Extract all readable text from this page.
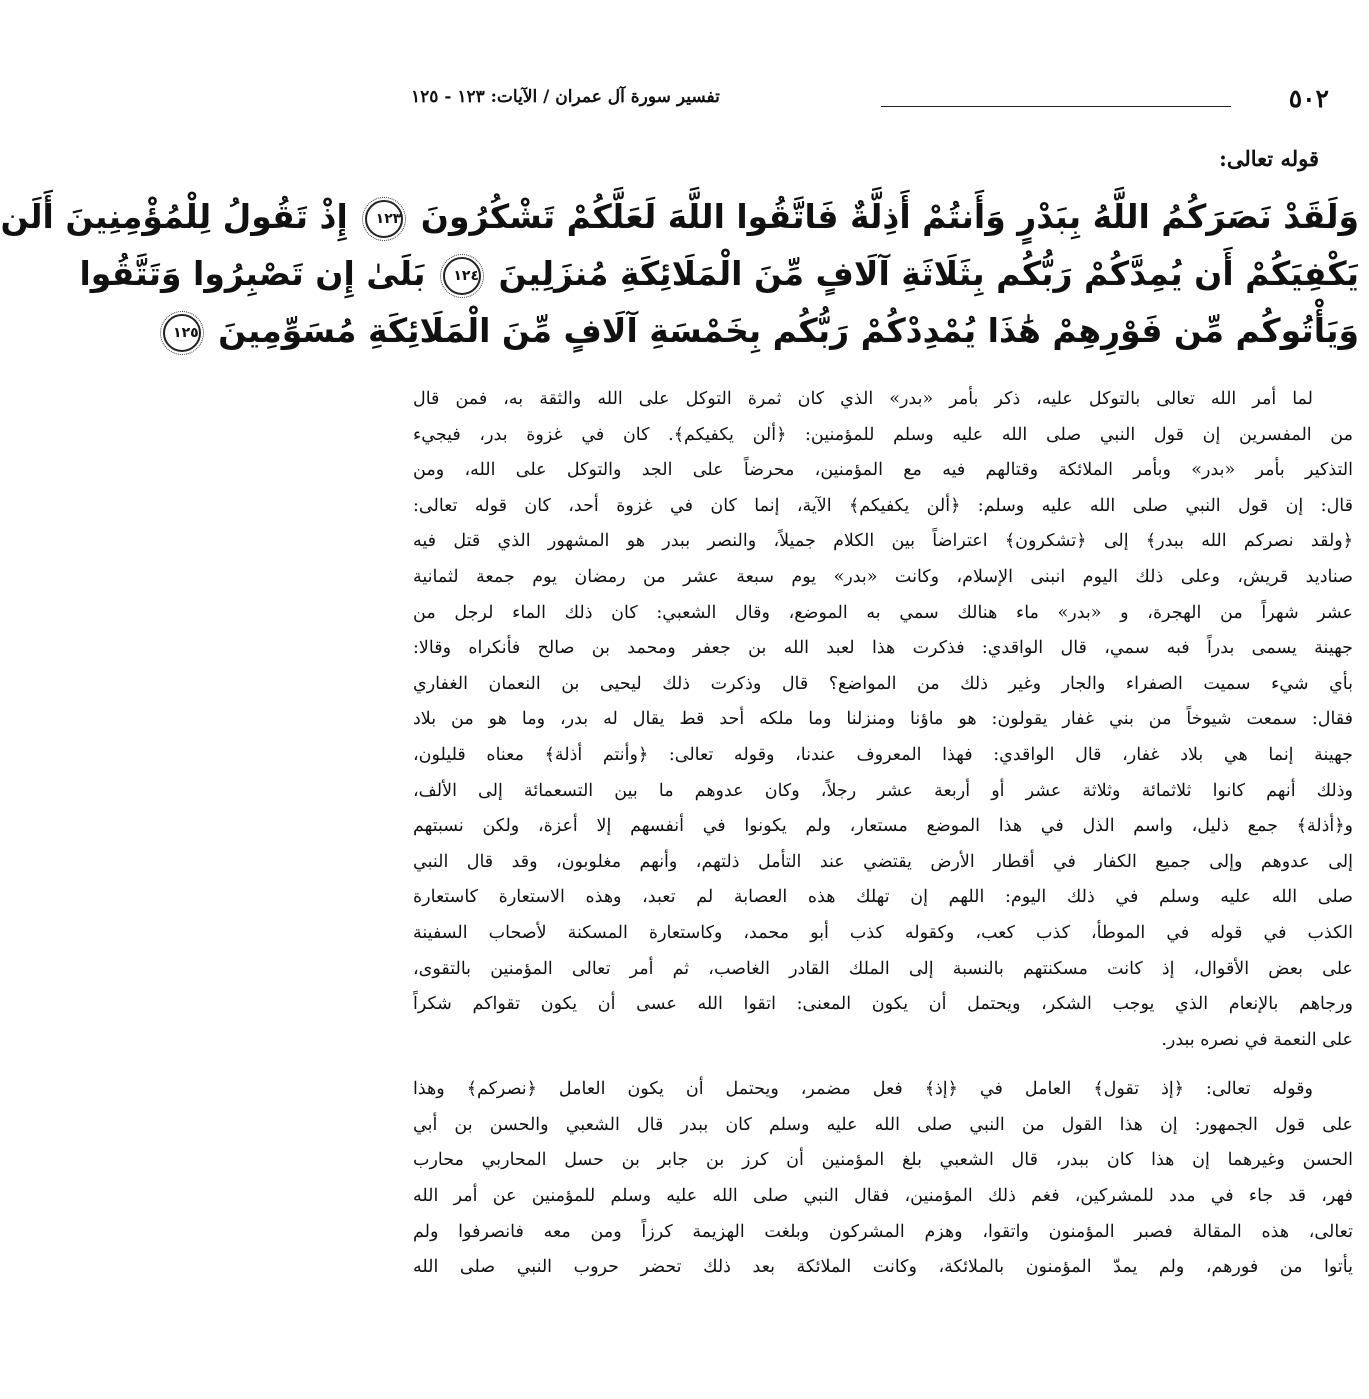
٥٠٢
تفسير سورة آل عمران / الآيات: ١٢٣ - ١٢٥
قوله تعالى:
وَلَقَدْ نَصَرَكُمُ اللَّهُ بِبَدْرٍ وَأَنتُمْ أَذِلَّةٌ فَاتَّقُوا اللَّهَ لَعَلَّكُمْ تَشْكُرُونَ ١٢٣ إِذْ تَقُولُ لِلْمُؤْمِنِينَ أَلَن
يَكْفِيَكُمْ أَن يُمِدَّكُمْ رَبُّكُم بِثَلَاثَةِ آلَافٍ مِّنَ الْمَلَائِكَةِ مُنزَلِينَ ١٢٤ بَلَىٰ إِن تَصْبِرُوا وَتَتَّقُوا
وَيَأْتُوكُم مِّن فَوْرِهِمْ هَٰذَا يُمْدِدْكُمْ رَبُّكُم بِخَمْسَةِ آلَافٍ مِّنَ الْمَلَائِكَةِ مُسَوِّمِينَ ١٢٥
لما أمر الله تعالى بالتوكل عليه، ذكر بأمر «بدر» الذي كان ثمرة التوكل على الله والثقة به، فمن قال
من المفسرين إن قول النبي صلى الله عليه وسلم للمؤمنين: ﴿ألن يكفيكم﴾. كان في غزوة بدر، فيجيء
التذكير بأمر «بدر» وبأمر الملائكة وقتالهم فيه مع المؤمنين، محرضاً على الجد والتوكل على الله، ومن
قال: إن قول النبي صلى الله عليه وسلم: ﴿ألن يكفيكم﴾ الآية، إنما كان في غزوة أحد، كان قوله تعالى:
﴿ولقد نصركم الله ببدر﴾ إلى ﴿تشكرون﴾ اعتراضاً بين الكلام جميلاً، والنصر ببدر هو المشهور الذي قتل فيه
صناديد قريش، وعلى ذلك اليوم انبنى الإسلام، وكانت «بدر» يوم سبعة عشر من رمضان يوم جمعة لثمانية
عشر شهراً من الهجرة، و «بدر» ماء هنالك سمي به الموضع، وقال الشعبي: كان ذلك الماء لرجل من
جهينة يسمى بدراً فبه سمي، قال الواقدي: فذكرت هذا لعبد الله بن جعفر ومحمد بن صالح فأنكراه وقالا:
بأي شيء سميت الصفراء والجار وغير ذلك من المواضع؟ قال وذكرت ذلك ليحيى بن النعمان الغفاري
فقال: سمعت شيوخاً من بني غفار يقولون: هو ماؤنا ومنزلنا وما ملكه أحد قط يقال له بدر، وما هو من بلاد
جهينة إنما هي بلاد غفار، قال الواقدي: فهذا المعروف عندنا، وقوله تعالى: ﴿وأنتم أذلة﴾ معناه قليلون،
وذلك أنهم كانوا ثلاثمائة وثلاثة عشر أو أربعة عشر رجلاً، وكان عدوهم ما بين التسعمائة إلى الألف،
و﴿أذلة﴾ جمع ذليل، واسم الذل في هذا الموضع مستعار، ولم يكونوا في أنفسهم إلا أعزة، ولكن نسبتهم
إلى عدوهم وإلى جميع الكفار في أقطار الأرض يقتضي عند التأمل ذلتهم، وأنهم مغلوبون، وقد قال النبي
صلى الله عليه وسلم في ذلك اليوم: اللهم إن تهلك هذه العصابة لم تعبد، وهذه الاستعارة كاستعارة
الكذب في قوله في الموطأ، كذب كعب، وكقوله كذب أبو محمد، وكاستعارة المسكنة لأصحاب السفينة
على بعض الأقوال، إذ كانت مسكنتهم بالنسبة إلى الملك القادر الغاصب، ثم أمر تعالى المؤمنين بالتقوى،
ورجاهم بالإنعام الذي يوجب الشكر، ويحتمل أن يكون المعنى: اتقوا الله عسى أن يكون تقواكم شكراً
على النعمة في نصره ببدر.
وقوله تعالى: ﴿إذ تقول﴾ العامل في ﴿إذ﴾ فعل مضمر، ويحتمل أن يكون العامل ﴿نصركم﴾ وهذا
على قول الجمهور: إن هذا القول من النبي صلى الله عليه وسلم كان ببدر قال الشعبي والحسن بن أبي
الحسن وغيرهما إن هذا كان ببدر، قال الشعبي بلغ المؤمنين أن كرز بن جابر بن حسل المحاربي محارب
فهر، قد جاء في مدد للمشركين، فغم ذلك المؤمنين، فقال النبي صلى الله عليه وسلم للمؤمنين عن أمر الله
تعالى، هذه المقالة فصبر المؤمنون واتقوا، وهزم المشركون وبلغت الهزيمة كرزاً ومن معه فانصرفوا ولم
يأتوا من فورهم، ولم يمدّ المؤمنون بالملائكة، وكانت الملائكة بعد ذلك تحضر حروب النبي صلى الله
